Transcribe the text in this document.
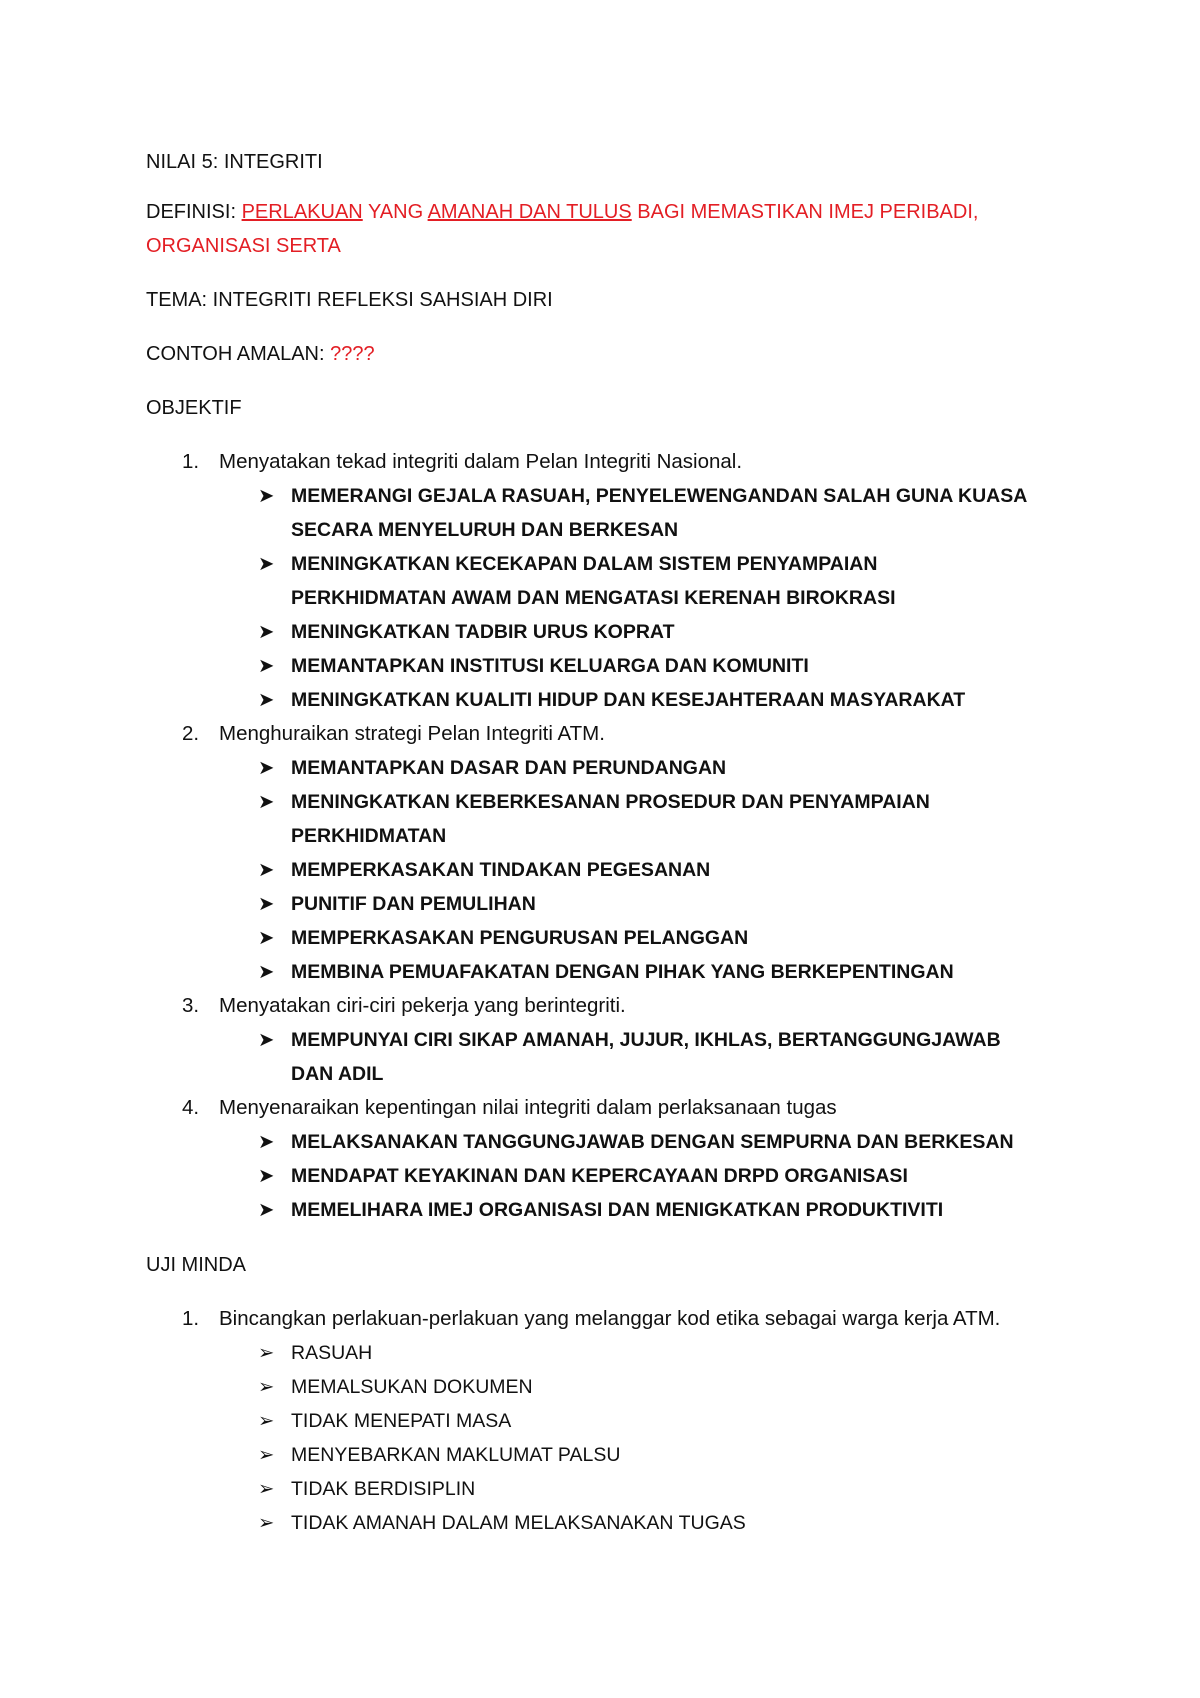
NILAI 5: INTEGRITI
DEFINISI: PERLAKUAN YANG AMANAH DAN TULUS BAGI MEMASTIKAN IMEJ PERIBADI,
ORGANISASI SERTA
TEMA: INTEGRITI REFLEKSI SAHSIAH DIRI
CONTOH AMALAN: ????
OBJEKTIF
1. Menyatakan tekad integriti dalam Pelan Integriti Nasional.
➤ MEMERANGI GEJALA RASUAH, PENYELEWENGANDAN SALAH GUNA KUASA
SECARA MENYELURUH DAN BERKESAN
➤ MENINGKATKAN KECEKAPAN DALAM SISTEM PENYAMPAIAN
PERKHIDMATAN AWAM DAN MENGATASI KERENAH BIROKRASI
➤ MENINGKATKAN TADBIR URUS KOPRAT
➤ MEMANTAPKAN INSTITUSI KELUARGA DAN KOMUNITI
➤ MENINGKATKAN KUALITI HIDUP DAN KESEJAHTERAAN MASYARAKAT
2. Menghuraikan strategi Pelan Integriti ATM.
➤ MEMANTAPKAN DASAR DAN PERUNDANGAN
➤ MENINGKATKAN KEBERKESANAN PROSEDUR DAN PENYAMPAIAN
PERKHIDMATAN
➤ MEMPERKASAKAN TINDAKAN PEGESANAN
➤ PUNITIF DAN PEMULIHAN
➤ MEMPERKASAKAN PENGURUSAN PELANGGAN
➤ MEMBINA PEMUAFAKATAN DENGAN PIHAK YANG BERKEPENTINGAN
3. Menyatakan ciri-ciri pekerja yang berintegriti.
➤ MEMPUNYAI CIRI SIKAP AMANAH, JUJUR, IKHLAS, BERTANGGUNGJAWAB
DAN ADIL
4. Menyenaraikan kepentingan nilai integriti dalam perlaksanaan tugas
➤ MELAKSANAKAN TANGGUNGJAWAB DENGAN SEMPURNA DAN BERKESAN
➤ MENDAPAT KEYAKINAN DAN KEPERCAYAAN DRPD ORGANISASI
➤ MEMELIHARA IMEJ ORGANISASI DAN MENIGKATKAN PRODUKTIVITI
UJI MINDA
1. Bincangkan perlakuan-perlakuan yang melanggar kod etika sebagai warga kerja ATM.
➢ RASUAH
➢ MEMALSUKAN DOKUMEN
➢ TIDAK MENEPATI MASA
➢ MENYEBARKAN MAKLUMAT PALSU
➢ TIDAK BERDISIPLIN
➢ TIDAK AMANAH DALAM MELAKSANAKAN TUGAS
